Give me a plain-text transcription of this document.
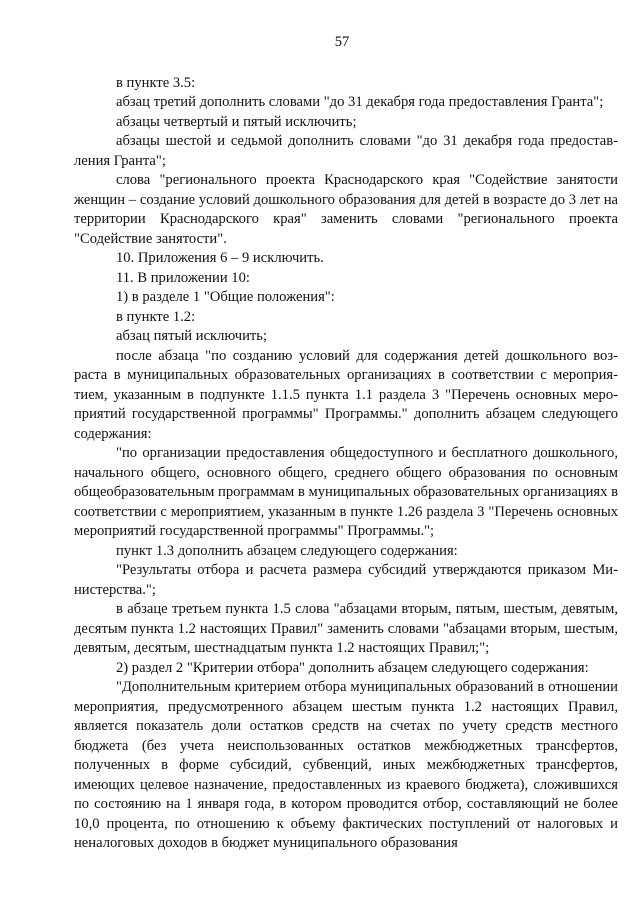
57

в пункте 3.5:

абзац третий дополнить словами "до 31 декабря года предоставления Гранта";

абзацы четвертый и пятый исключить;

абзацы шестой и седьмой дополнить словами "до 31 декабря года предоставления Гранта";

слова "регионального проекта Краснодарского края "Содействие занятости женщин – создание условий дошкольного образования для детей в возрасте до 3 лет на территории Краснодарского края" заменить словами "регионального проекта "Содействие занятости".

10. Приложения 6 – 9 исключить.

11. В приложении 10:

1) в разделе 1 "Общие положения":

в пункте 1.2:

абзац пятый исключить;

после абзаца "по созданию условий для содержания детей дошкольного возраста в муниципальных образовательных организациях в соответствии с мероприятием, указанным в подпункте 1.1.5 пункта 1.1 раздела 3 "Перечень основных мероприятий государственной программы" Программы." дополнить абзацем следующего содержания:

"по организации предоставления общедоступного и бесплатного дошкольного, начального общего, основного общего, среднего общего образования по основным общеобразовательным программам в муниципальных образовательных организациях в соответствии с мероприятием, указанным в пункте 1.26 раздела 3 "Перечень основных мероприятий государственной программы" Программы.";

пункт 1.3 дополнить абзацем следующего содержания:

"Результаты отбора и расчета размера субсидий утверждаются приказом Министерства.";

в абзаце третьем пункта 1.5 слова "абзацами вторым, пятым, шестым, девятым, десятым пункта 1.2 настоящих Правил" заменить словами "абзацами вторым, шестым, девятым, десятым, шестнадцатым пункта 1.2 настоящих Правил;";

2) раздел 2 "Критерии отбора" дополнить абзацем следующего содержания:

"Дополнительным критерием отбора муниципальных образований в отношении мероприятия, предусмотренного абзацем шестым пункта 1.2 настоящих Правил, является показатель доли остатков средств на счетах по учету средств местного бюджета (без учета неиспользованных остатков межбюджетных трансфертов, полученных в форме субсидий, субвенций, иных межбюджетных трансфертов, имеющих целевое назначение, предоставленных из краевого бюджета), сложившихся по состоянию на 1 января года, в котором проводится отбор, составляющий не более 10,0 процента, по отношению к объему фактических поступлений от налоговых и неналоговых доходов в бюджет муниципального образования
